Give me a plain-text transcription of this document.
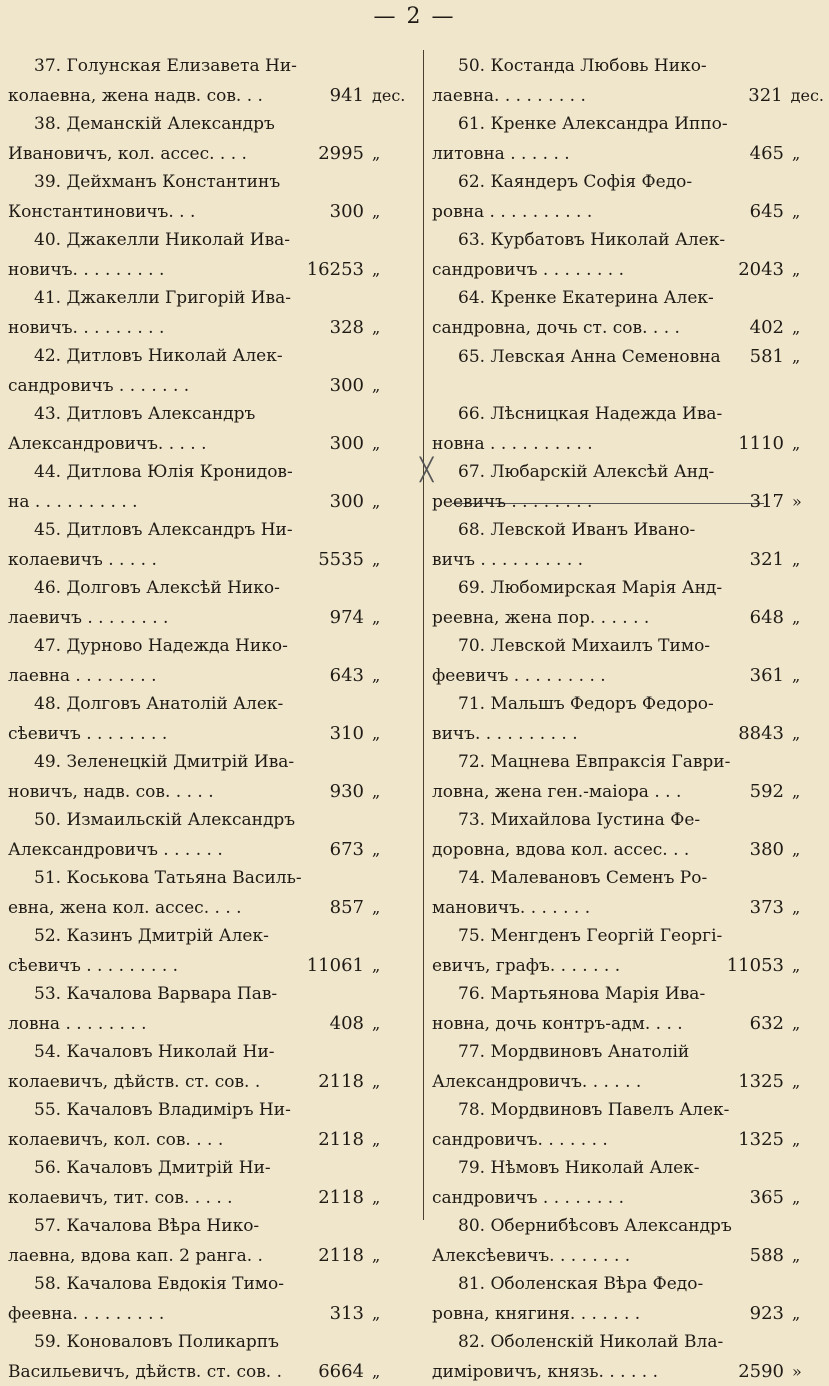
— 2 —
37. Голунская Елизавета Ни-
колаевна, жена надв. сов. . .	941 дес.
38. Деманскій Александръ
Ивановичъ, кол. ассес. . . .	2995 „
39. Дейхманъ Константинъ
Константиновичъ. . .	300 „
40. Джакелли Николай Ива-
новичъ. . . . . . . . .	16253 „
41. Джакелли Григорій Ива-
новичъ. . . . . . . . .	328 „
42. Дитловъ Николай Алек-
сандровичъ . . . . . . .	300 „
43. Дитловъ Александръ
Александровичъ. . . . .	300 „
44. Дитлова Юлія Кронидов-
на . . . . . . . . . .	300 „
45. Дитловъ Александръ Ни-
колаевичъ . . . . .	5535 „
46. Долговъ Алексѣй Нико-
лаевичъ . . . . . . . .	974 „
47. Дурново Надежда Нико-
лаевна . . . . . . . .	643 „
48. Долговъ Анатолій Алек-
сѣевичъ . . . . . . . .	310 „
49. Зеленецкій Дмитрій Ива-
новичъ, надв. сов. . . . .	930 „
50. Измаильскій Александръ
Александровичъ . . . . . .	673 „
51. Коськова Татьяна Василь-
евна, жена кол. ассес. . . .	857 „
52. Казинъ Дмитрій Алек-
сѣевичъ . . . . . . . . .	11061 „
53. Качалова Варвара Пав-
ловна . . . . . . . .	408 „
54. Качаловъ Николай Ни-
колаевичъ, дѣйств. ст. сов. .	2118 „
55. Качаловъ Владиміръ Ни-
колаевичъ, кол. сов. . . .	2118 „
56. Качаловъ Дмитрій Ни-
колаевичъ, тит. сов. . . . .	2118 „
57. Качалова Вѣра Нико-
лаевна, вдова кап. 2 ранга. .	2118 „
58. Качалова Евдокія Тимо-
феевна. . . . . . . . .	313 „
59. Коноваловъ Поликарпъ
Васильевичъ, дѣйств. ст. сов. . 6664 „
50. Костанда Любовь Нико-
лаевна. . . . . . . . .	321 дес.
61. Кренке Александра Иппо-
литовна . . . . . .	465 „
62. Каяндеръ Софія Федо-
ровна . . . . . . . . . .	645 „
63. Курбатовъ Николай Алек-
сандровичъ . . . . . . . .	2043 „
64. Кренке Екатерина Алек-
сандровна, дочь ст. сов. . . .	402 „
65. Левская Анна Семеновна	581 „
66. Лѣсницкая Надежда Ива-
новна . . . . . . . . . .	1110 „
╳	67. Любарскій Алексѣй Анд-
реевичъ . . . . . . . .	317 »
68. Левской Иванъ Ивано-
вичъ . . . . . . . . . .	321 „
69. Любомирская Марія Анд-
реевна, жена пор. . . . . .	648 „
70. Левской Михаилъ Тимо-
феевичъ . . . . . . . . .	361 „
71. Мальшъ Федоръ Федоро-
вичъ. . . . . . . . . .	8843 „
72. Мацнева Евпраксія Гаври-
ловна, жена ген.-маіора . . .	592 „
73. Михайлова Іустина Фе-
доровна, вдова кол. ассес. . .	380 „
74. Малевановъ Семенъ Ро-
мановичъ. . . . . . .	373 „
75. Менгденъ Георгій Георгі-
евичъ, графъ. . . . . . .	11053 „
76. Мартьянова Марія Ива-
новна, дочь контръ-адм. . . .	632 „
77. Мордвиновъ Анатолій
Александровичъ. . . . . .	1325 „
78. Мордвиновъ Павелъ Алек-
сандровичъ. . . . . . .	1325 „
79. Нѣмовъ Николай Алек-
сандровичъ . . . . . . . .	365 „
80. Обернибѣсовъ Александръ
Алексѣевичъ. . . . . . . .	588 „
81. Оболенская Вѣра Федо-
ровна, княгиня. . . . . . .	923 „
82. Оболенскій Николай Вла-
диміровичъ, князь. . . . . .	2590 »
